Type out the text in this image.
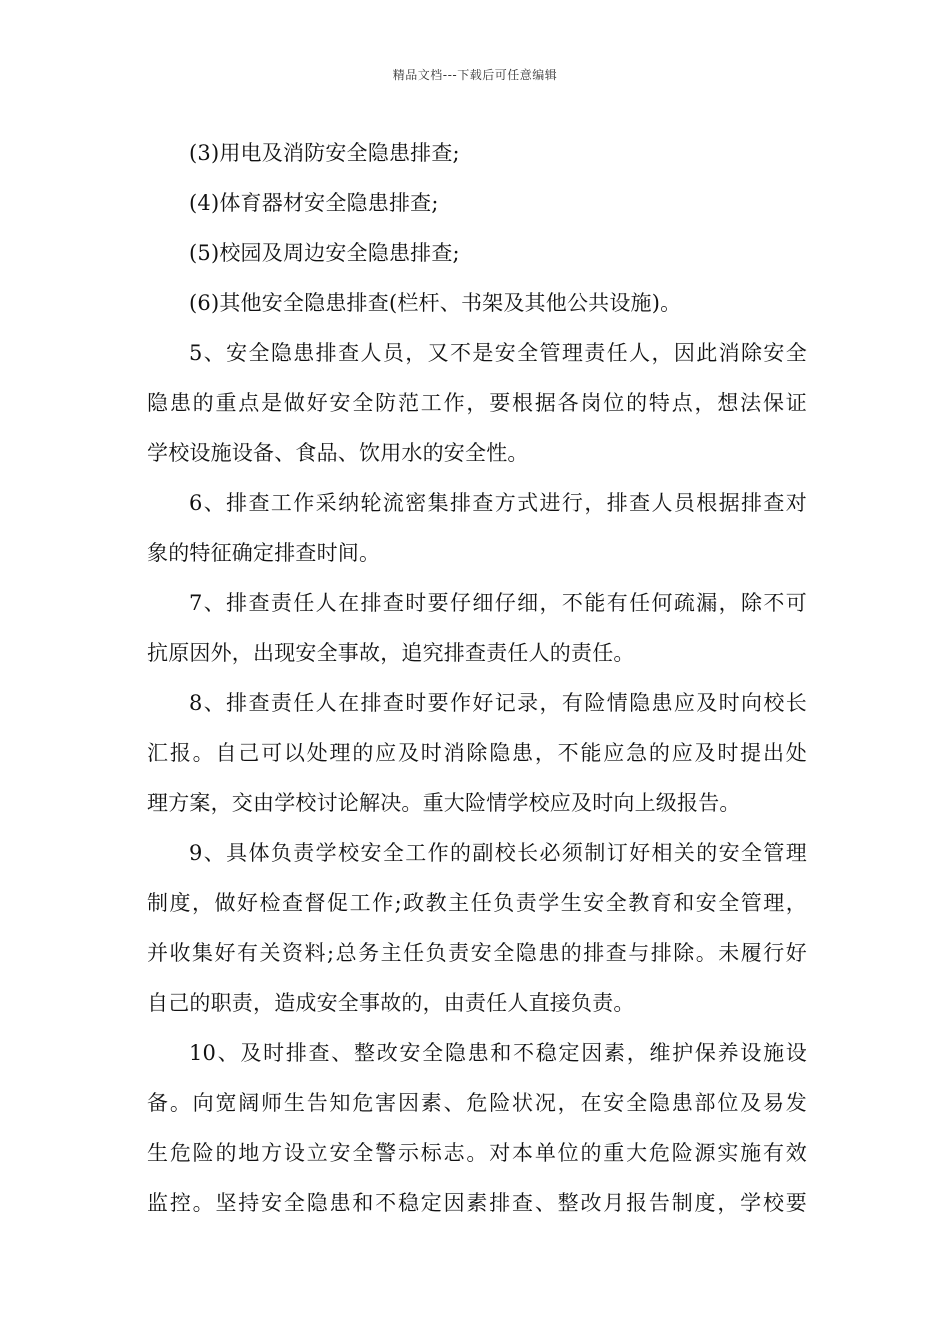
精品文档---下载后可任意编辑
(3)用电及消防安全隐患排查;
(4)体育器材安全隐患排查;
(5)校园及周边安全隐患排查;
(6)其他安全隐患排查(栏杆、书架及其他公共设施)。
5、安全隐患排查人员，又不是安全管理责任人，因此消除安全
隐患的重点是做好安全防范工作，要根据各岗位的特点，想法保证
学校设施设备、食品、饮用水的安全性。
6、排查工作采纳轮流密集排查方式进行，排查人员根据排查对
象的特征确定排查时间。
7、排查责任人在排查时要仔细仔细，不能有任何疏漏，除不可
抗原因外，出现安全事故，追究排查责任人的责任。
8、排查责任人在排查时要作好记录，有险情隐患应及时向校长
汇报。自己可以处理的应及时消除隐患，不能应急的应及时提出处
理方案，交由学校讨论解决。重大险情学校应及时向上级报告。
9、具体负责学校安全工作的副校长必须制订好相关的安全管理
制度，做好检查督促工作;政教主任负责学生安全教育和安全管理，
并收集好有关资料;总务主任负责安全隐患的排查与排除。未履行好
自己的职责，造成安全事故的，由责任人直接负责。
10、及时排查、整改安全隐患和不稳定因素，维护保养设施设
备。向宽阔师生告知危害因素、危险状况，在安全隐患部位及易发
生危险的地方设立安全警示标志。对本单位的重大危险源实施有效
监控。坚持安全隐患和不稳定因素排查、整改月报告制度，学校要
